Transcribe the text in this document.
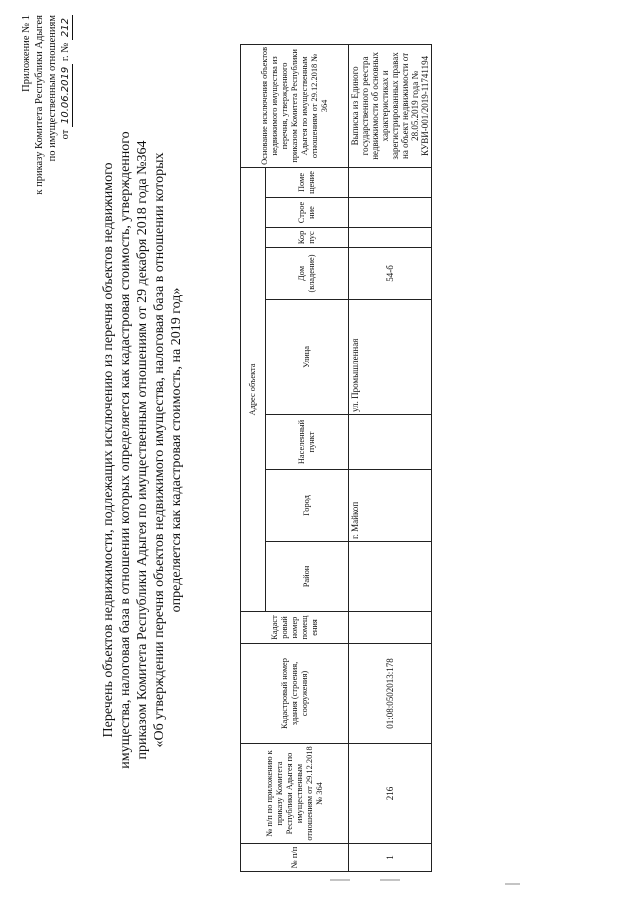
Приложение № 1 к приказу Комитета Республики Адыгея по имущественным отношениям от 10.06.2019 г. № 212
Перечень объектов недвижимости, подлежащих исключению из перечня объектов недвижимого имущества, налоговая база в отношении которых определяется как кадастровая стоимость, утвержденного приказом Комитета Республики Адыгея по имущественным отношениям от 29 декабря 2018 года №364 «Об утверждении перечня объектов недвижимого имущества, налоговая база в отношении которых определяется как кадастровая стоимость, на 2019 год»
№ п/п	№ п/п по приложению к приказу Комитета Республики Адыгея по имущественным отношениям от 29.12.2018 № 364	Кадастровый номер здания (строения, сооружения)	Кадастровый номер помещения	Адрес объекта								Основание исключения объектов недвижимого имущества из перечня, утвержденного приказом Комитета Республики Адыгея по имущественным отношениям от 29.12.2018 № 364
				Район	Город	Населенный пункт	Улица	Дом (владение)	Корпус	Строение	Помещение	
1	216	01:08:0502013:178			г. Майкоп		ул. Промышленная	54-б				Выписка из Единого государственного реестра недвижимости об основных характеристиках и зарегистрированных правах на объект недвижимости от 28.05.2019 года № КУВИ-001/2019-11741194
